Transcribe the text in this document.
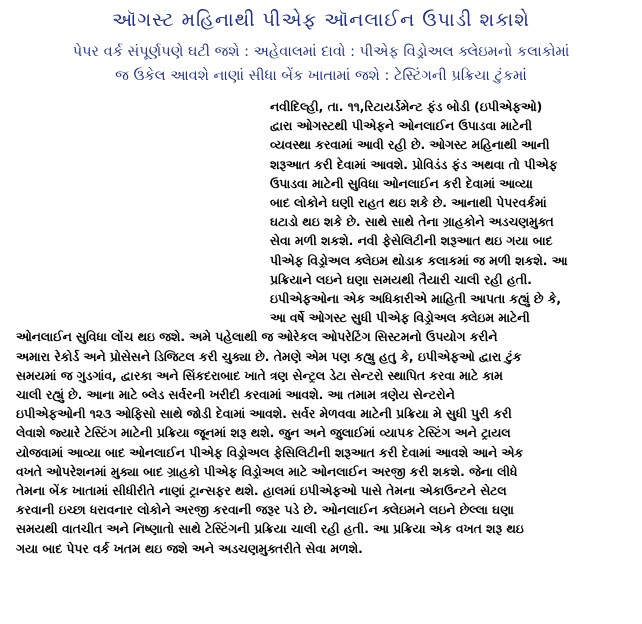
ઑગસ્ટ મહિનાથી પીએફ ઑનલાઈન ઉપાડી શકાશે
પેપર વર્ક સંપૂર્ણપણે ઘટી જશે : અહેવાલમાં દાવો : પીએફ વિડ્રોઅલ ક્લેઇમનો કલાકોમાં
જ ઉકેલ આવશે નાણાં સીધા બેંક ખાતામાં જશે : ટેસ્ટિંગની પ્રક્રિયા ટુંકમાં
નવીદિલ્હી, તા. ૧૧,રિટાયર્ડમેન્ટ ફંડ બોડી (ઇપીએફઓ)
દ્વારા ઓગસ્ટથી પીએફને ઓનલાઈન ઉપાડવા માટેની
વ્યવસ્થા કરવામાં આવી રહી છે. ઓગસ્ટ મહિનાથી આની
શરૂઆત કરી દેવામાં આવશે. પ્રોવિડંડ ફંડ અથવા તો પીએફ
ઉપાડવા માટેની સુવિધા ઓનલાઈન કરી દેવામાં આવ્યા
બાદ લોકોને ઘણી રાહત થઇ શકે છે. આનાથી પેપરવર્કમાં
ઘટાડો થઇ શકે છે. સાથે સાથે તેના ગ્રાહકોને અડચણમુક્ત
સેવા મળી શકશે. નવી ફેસેલિટીની શરૂઆત થઇ ગયા બાદ
પીએફ વિડ્રોઅલ ક્લેઇમ થોડાક કલાકમાં જ મળી શકશે. આ
પ્રક્રિયાને લઇને ઘણા સમયથી તૈયારી ચાલી રહી હતી.
ઇપીએફઓના એક અધિકારીએ માહિતી આપતા કહ્યું છે કે,
આ વર્ષે ઓગસ્ટ સુધી પીએફ વિડ્રોઅલ ક્લેઇમ માટેની
ઓનલાઈન સુવિધા લોંચ થઇ જશે. અમે પહેલાથી જ ઓરેકલ ઓપરેટિંગ સિસ્ટમનો ઉપયોગ કરીને
અમારા રેકોર્ડ અને પ્રોસેસને ડિજિટલ કરી ચુક્યા છે. તેમણે એમ પણ કહ્યુ હતુ કે, ઇપીએફઓ દ્વારા ટુંક
સમયમાં જ ગુડગાંવ, દ્વારકા અને સિંકદરાબાદ ખાતે ત્રણ સેન્ટ્રલ ડેટા સેન્ટરો સ્થાપિત કરવા માટે કામ
ચાલી રહ્યું છે. આના માટે બ્લેડ સર્વરની ખરીદી કરવામાં આવશે. આ તમામ ત્રણેય સેન્ટરોને
ઇપીએફઓની ૧૨૩ ઓફિસો સાથે જોડી દેવામાં આવશે. સર્વર મેળવવા માટેની પ્રક્રિયા મે સુધી પુરી કરી
લેવાશે જ્યારે ટેસ્ટિંગ માટેની પ્રક્રિયા જૂનમાં શરૂ થશે. જુન અને જુલાઈમાં વ્યાપક ટેસ્ટિંગ અને ટ્રાયલ
યોજવામાં આવ્યા બાદ ઓનલાઈન પીએફ વિડ્રોઅલ ફેસિલિટીની શરૂઆત કરી દેવામાં આવશે આને એક
વખતે ઓપરેશનમાં મુક્યા બાદ ગ્રાહકો પીએફ વિડ્રોઅલ માટે ઓનલાઈન અરજી કરી શકશે. જેના લીધે
તેમના બેંક ખાતામાં સીધીરીતે નાણાં ટ્રાન્સફર થશે. હાલમાં ઇપીએફઓ પાસે તેમના એકાઉન્ટને સેટલ
કરવાની ઇચ્છા ધરાવનાર લોકોને અરજી કરવાની જરૂર પડે છે. ઓનલાઈન ક્લેઇમને લઇને છેલ્લા ઘણા
સમયથી વાતચીત અને નિષ્ણાતો સાથે ટેસ્ટિંગની પ્રક્રિયા ચાલી રહી હતી. આ પ્રક્રિયા એક વખત શરૂ થઇ
ગયા બાદ પેપર વર્ક ખતમ થઇ જશે અને અડચણમુક્તરીતે સેવા મળશે.
